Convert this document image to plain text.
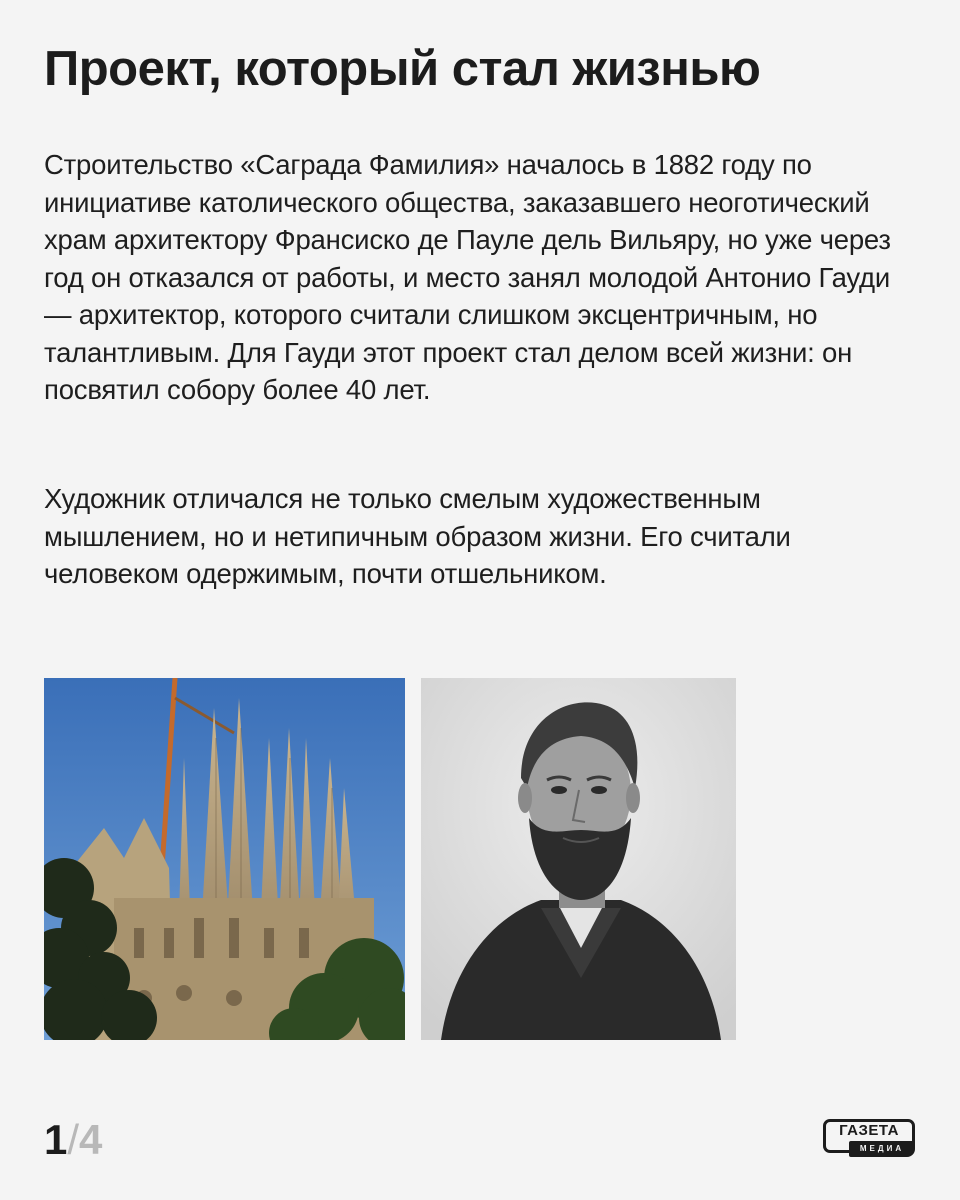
Проект, который стал жизнью

Строительство «Саграда Фамилия» началось в 1882 году по инициативе католического общества, заказавшего неоготический храм архитектору Франсиско де Пауле дель Вильяру, но уже через год он отказался от работы, и место занял молодой Антонио Гауди — архитектор, которого считали слишком эксцентричным, но талантливым. Для Гауди этот проект стал делом всей жизни: он посвятил собору более 40 лет.

Художник отличался не только смелым художественным мышлением, но и нетипичным образом жизни. Его считали человеком одержимым, почти отшельником.

1/4	ГАЗЕТА
МЕДИА
